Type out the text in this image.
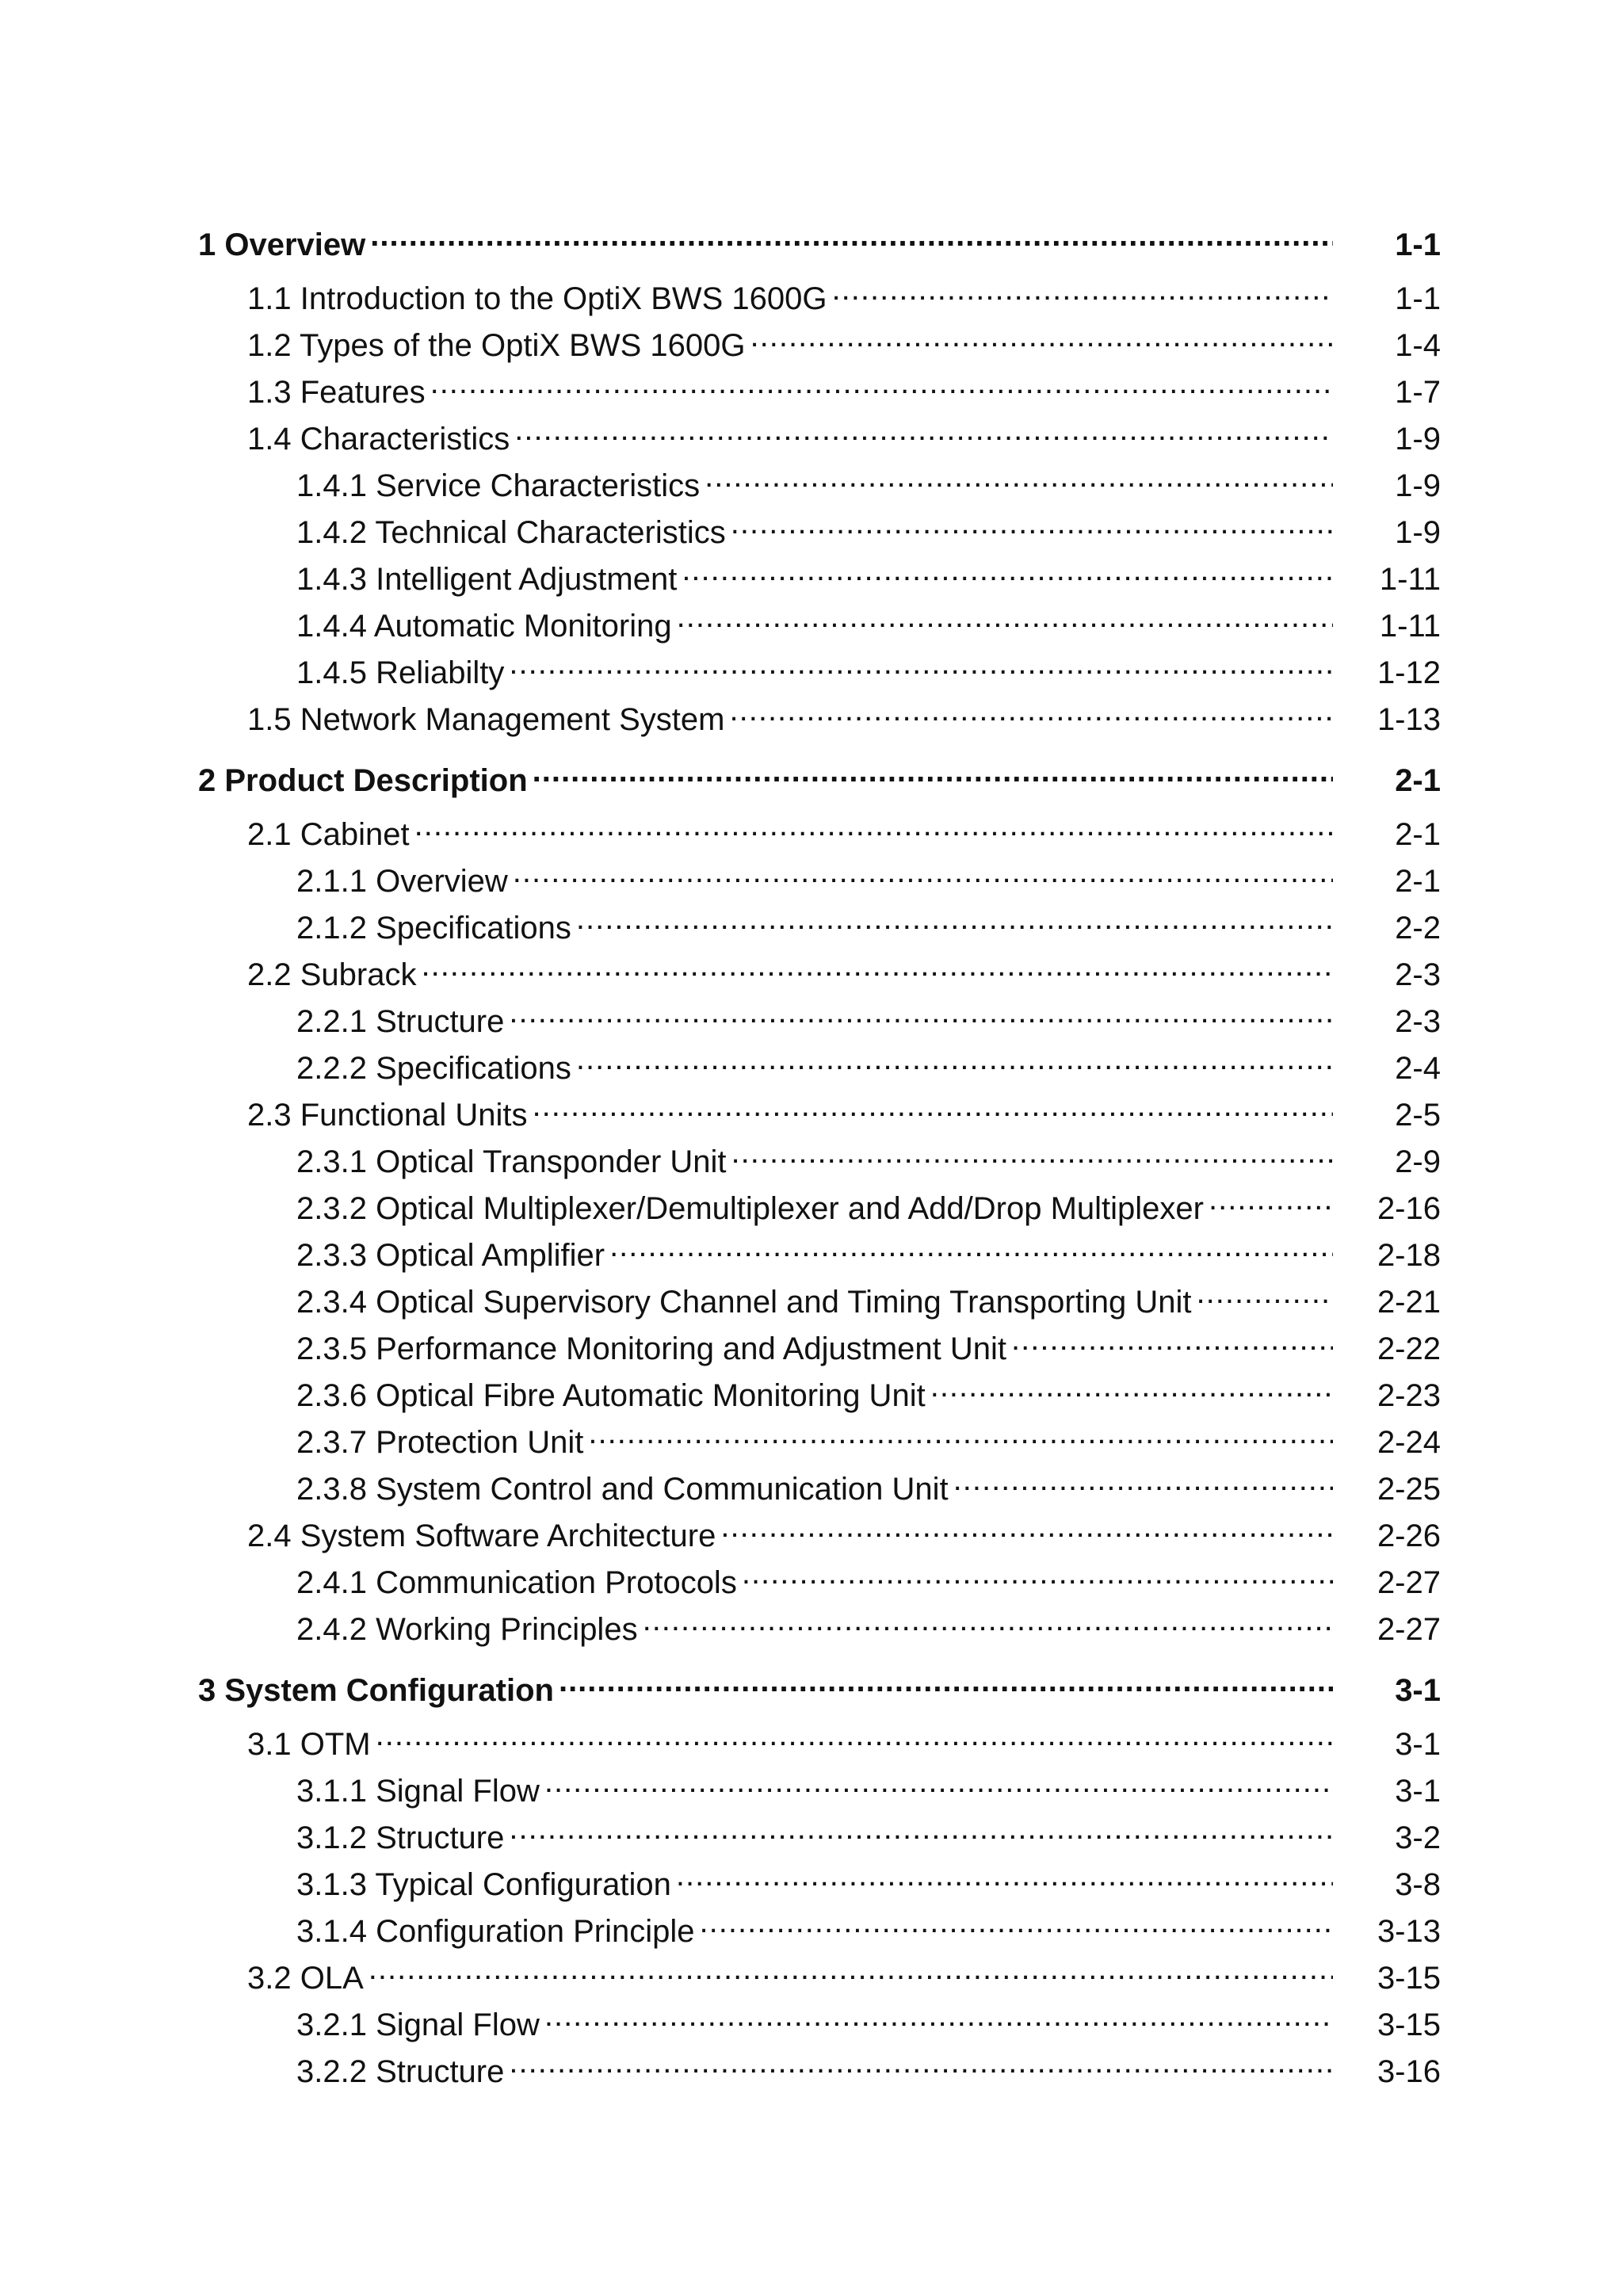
1 Overview .....	1-1
1.1 Introduction to the OptiX BWS 1600G .....	1-1
1.2 Types of the OptiX BWS 1600G .....	1-4
1.3 Features .....	1-7
1.4 Characteristics .....	1-9
1.4.1 Service Characteristics .....	1-9
1.4.2 Technical Characteristics .....	1-9
1.4.3 Intelligent Adjustment .....	1-11
1.4.4 Automatic Monitoring .....	1-11
1.4.5 Reliabilty .....	1-12
1.5 Network Management System .....	1-13
2 Product Description .....	2-1
2.1 Cabinet .....	2-1
2.1.1 Overview .....	2-1
2.1.2 Specifications .....	2-2
2.2 Subrack .....	2-3
2.2.1 Structure .....	2-3
2.2.2 Specifications .....	2-4
2.3 Functional Units .....	2-5
2.3.1 Optical Transponder Unit .....	2-9
2.3.2 Optical Multiplexer/Demultiplexer and Add/Drop Multiplexer .....	2-16
2.3.3 Optical Amplifier .....	2-18
2.3.4 Optical Supervisory Channel and Timing Transporting Unit .....	2-21
2.3.5 Performance Monitoring and Adjustment Unit .....	2-22
2.3.6 Optical Fibre Automatic Monitoring Unit .....	2-23
2.3.7 Protection Unit .....	2-24
2.3.8 System Control and Communication Unit .....	2-25
2.4 System Software Architecture .....	2-26
2.4.1 Communication Protocols .....	2-27
2.4.2 Working Principles .....	2-27
3 System Configuration .....	3-1
3.1 OTM .....	3-1
3.1.1 Signal Flow .....	3-1
3.1.2 Structure .....	3-2
3.1.3 Typical Configuration .....	3-8
3.1.4 Configuration Principle .....	3-13
3.2 OLA .....	3-15
3.2.1 Signal Flow .....	3-15
3.2.2 Structure .....	3-16
